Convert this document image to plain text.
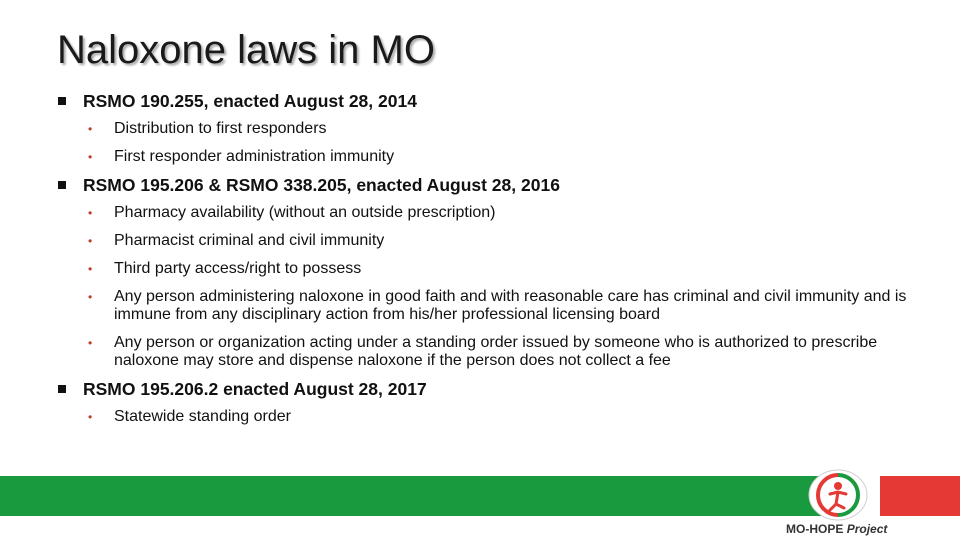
Naloxone laws in MO
RSMO 190.255, enacted August 28, 2014
•	Distribution to first responders
•	First responder administration immunity
RSMO 195.206 & RSMO 338.205, enacted August 28, 2016
•	Pharmacy availability (without an outside prescription)
•	Pharmacist criminal and civil immunity
•	Third party access/right to possess
•	Any person administering naloxone in good faith and with reasonable care has criminal and civil immunity and is immune from any disciplinary action from his/her professional licensing board
•	Any person or organization acting under a standing order issued by someone who is authorized to prescribe naloxone may store and dispense naloxone if the person does not collect a fee
RSMO 195.206.2 enacted August 28, 2017
•	Statewide standing order
MO-HOPE Project
